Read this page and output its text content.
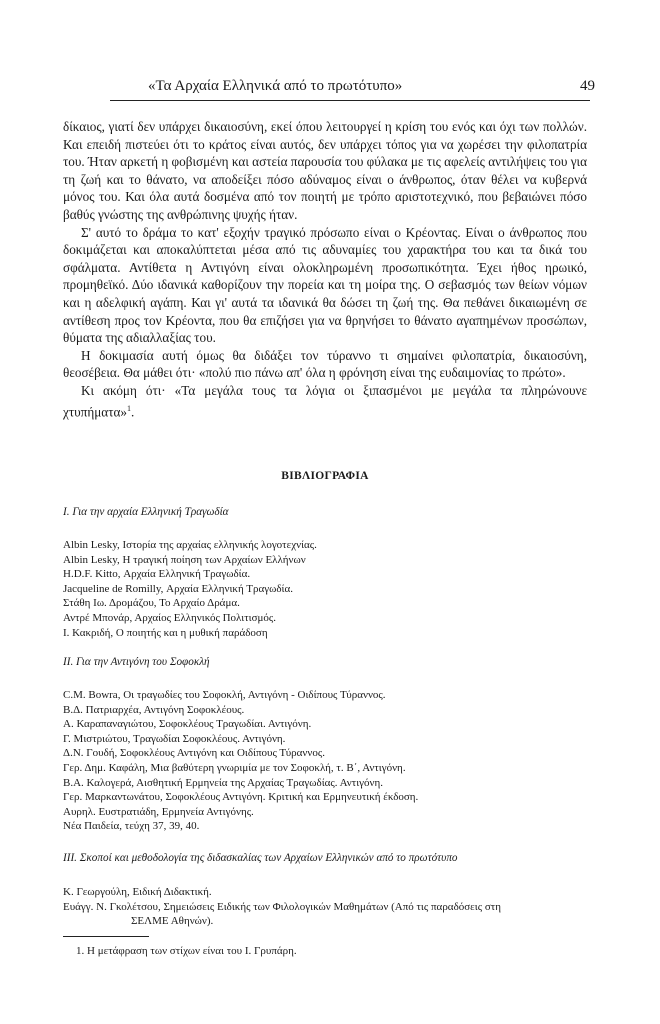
«Τα Αρχαία Ελληνικά από το πρωτότυπο»	49

δίκαιος, γιατί δεν υπάρχει δικαιοσύνη, εκεί όπου λειτουργεί η κρίση του ενός και όχι των πολλών. Και επειδή πιστεύει ότι το κράτος είναι αυτός, δεν υπάρχει τόπος για να χωρέσει την φιλοπατρία του. Ήταν αρκετή η φοβισμένη και αστεία παρουσία του φύλακα με τις αφελείς αντιλήψεις του για τη ζωή και το θάνατο, να αποδείξει πόσο αδύναμος είναι ο άνθρωπος, όταν θέλει να κυβερνά μόνος του. Και όλα αυτά δοσμένα από τον ποιητή με τρόπο αριστοτεχνικό, που βεβαιώνει πόσο βαθύς γνώστης της ανθρώπινης ψυχής ήταν.

Σ' αυτό το δράμα το κατ' εξοχήν τραγικό πρόσωπο είναι ο Κρέοντας. Είναι ο άνθρωπος που δοκιμάζεται και αποκαλύπτεται μέσα από τις αδυναμίες του χαρακτήρα του και τα δικά του σφάλματα. Αντίθετα η Αντιγόνη είναι ολοκληρωμένη προσωπικότητα. Έχει ήθος ηρωικό, προμηθεϊκό. Δύο ιδανικά καθορίζουν την πορεία και τη μοίρα της. Ο σεβασμός των θείων νόμων και η αδελφική αγάπη. Και γι' αυτά τα ιδανικά θα δώσει τη ζωή της. Θα πεθάνει δικαιωμένη σε αντίθεση προς τον Κρέοντα, που θα επιζήσει για να θρηνήσει το θάνατο αγαπημένων προσώπων, θύματα της αδιαλλαξίας του.

Η δοκιμασία αυτή όμως θα διδάξει τον τύραννο τι σημαίνει φιλοπατρία, δικαιοσύνη, θεοσέβεια. Θα μάθει ότι· «πολύ πιο πάνω απ' όλα η φρόνηση είναι της ευδαιμονίας το πρώτο».

Κι ακόμη ότι· «Τα μεγάλα τους τα λόγια οι ξιπασμένοι με μεγάλα τα πληρώνουνε χτυπήματα»$^1$.

ΒΙΒΛΙΟΓΡΑΦΙΑ
Ι. Για την αρχαία Ελληνική Τραγωδία
Albin Lesky, Ιστορία της αρχαίας ελληνικής λογοτεχνίας.
Albin Lesky, Η τραγική ποίηση των Αρχαίων Ελλήνων
H.D.F. Kitto, Αρχαία Ελληνική Τραγωδία.
Jacqueline de Romilly, Αρχαία Ελληνική Τραγωδία.
Στάθη Ιω. Δρομάζου, Το Αρχαίο Δράμα.
Αντρέ Μπονάρ, Αρχαίος Ελληνικός Πολιτισμός.
Ι. Κακριδή, Ο ποιητής και η μυθική παράδοση
ΙΙ. Για την Αντιγόνη του Σοφοκλή
C.M. Bowra, Οι τραγωδίες του Σοφοκλή, Αντιγόνη - Οιδίπους Τύραννος.
Β.Δ. Πατριαρχέα, Αντιγόνη Σοφοκλέους.
Α. Καραπαναγιώτου, Σοφοκλέους Τραγωδίαι. Αντιγόνη.
Γ. Μιστριώτου, Τραγωδίαι Σοφοκλέους. Αντιγόνη.
Δ.Ν. Γουδή, Σοφοκλέους Αντιγόνη και Οιδίπους Τύραννος.
Γερ. Δημ. Καφάλη, Μια βαθύτερη γνωριμία με τον Σοφοκλή, τ. Β΄, Αντιγόνη.
Β.Α. Καλογερά, Αισθητική Ερμηνεία της Αρχαίας Τραγωδίας. Αντιγόνη.
Γερ. Μαρκαντωνάτου, Σοφοκλέους Αντιγόνη. Κριτική και Ερμηνευτική έκδοση.
Αυρηλ. Ευστρατιάδη, Ερμηνεία Αντιγόνης.
Νέα Παιδεία, τεύχη 37, 39, 40.
ΙΙΙ. Σκοποί και μεθοδολογία της διδασκαλίας των Αρχαίων Ελληνικών από το πρωτότυπο
Κ. Γεωργούλη, Ειδική Διδακτική.
Ευάγγ. Ν. Γκολέτσου, Σημειώσεις Ειδικής των Φιλολογικών Μαθημάτων (Από τις παραδόσεις στη
ΣΕΛΜΕ Αθηνών).
1. Η μετάφραση των στίχων είναι του Ι. Γρυπάρη.
